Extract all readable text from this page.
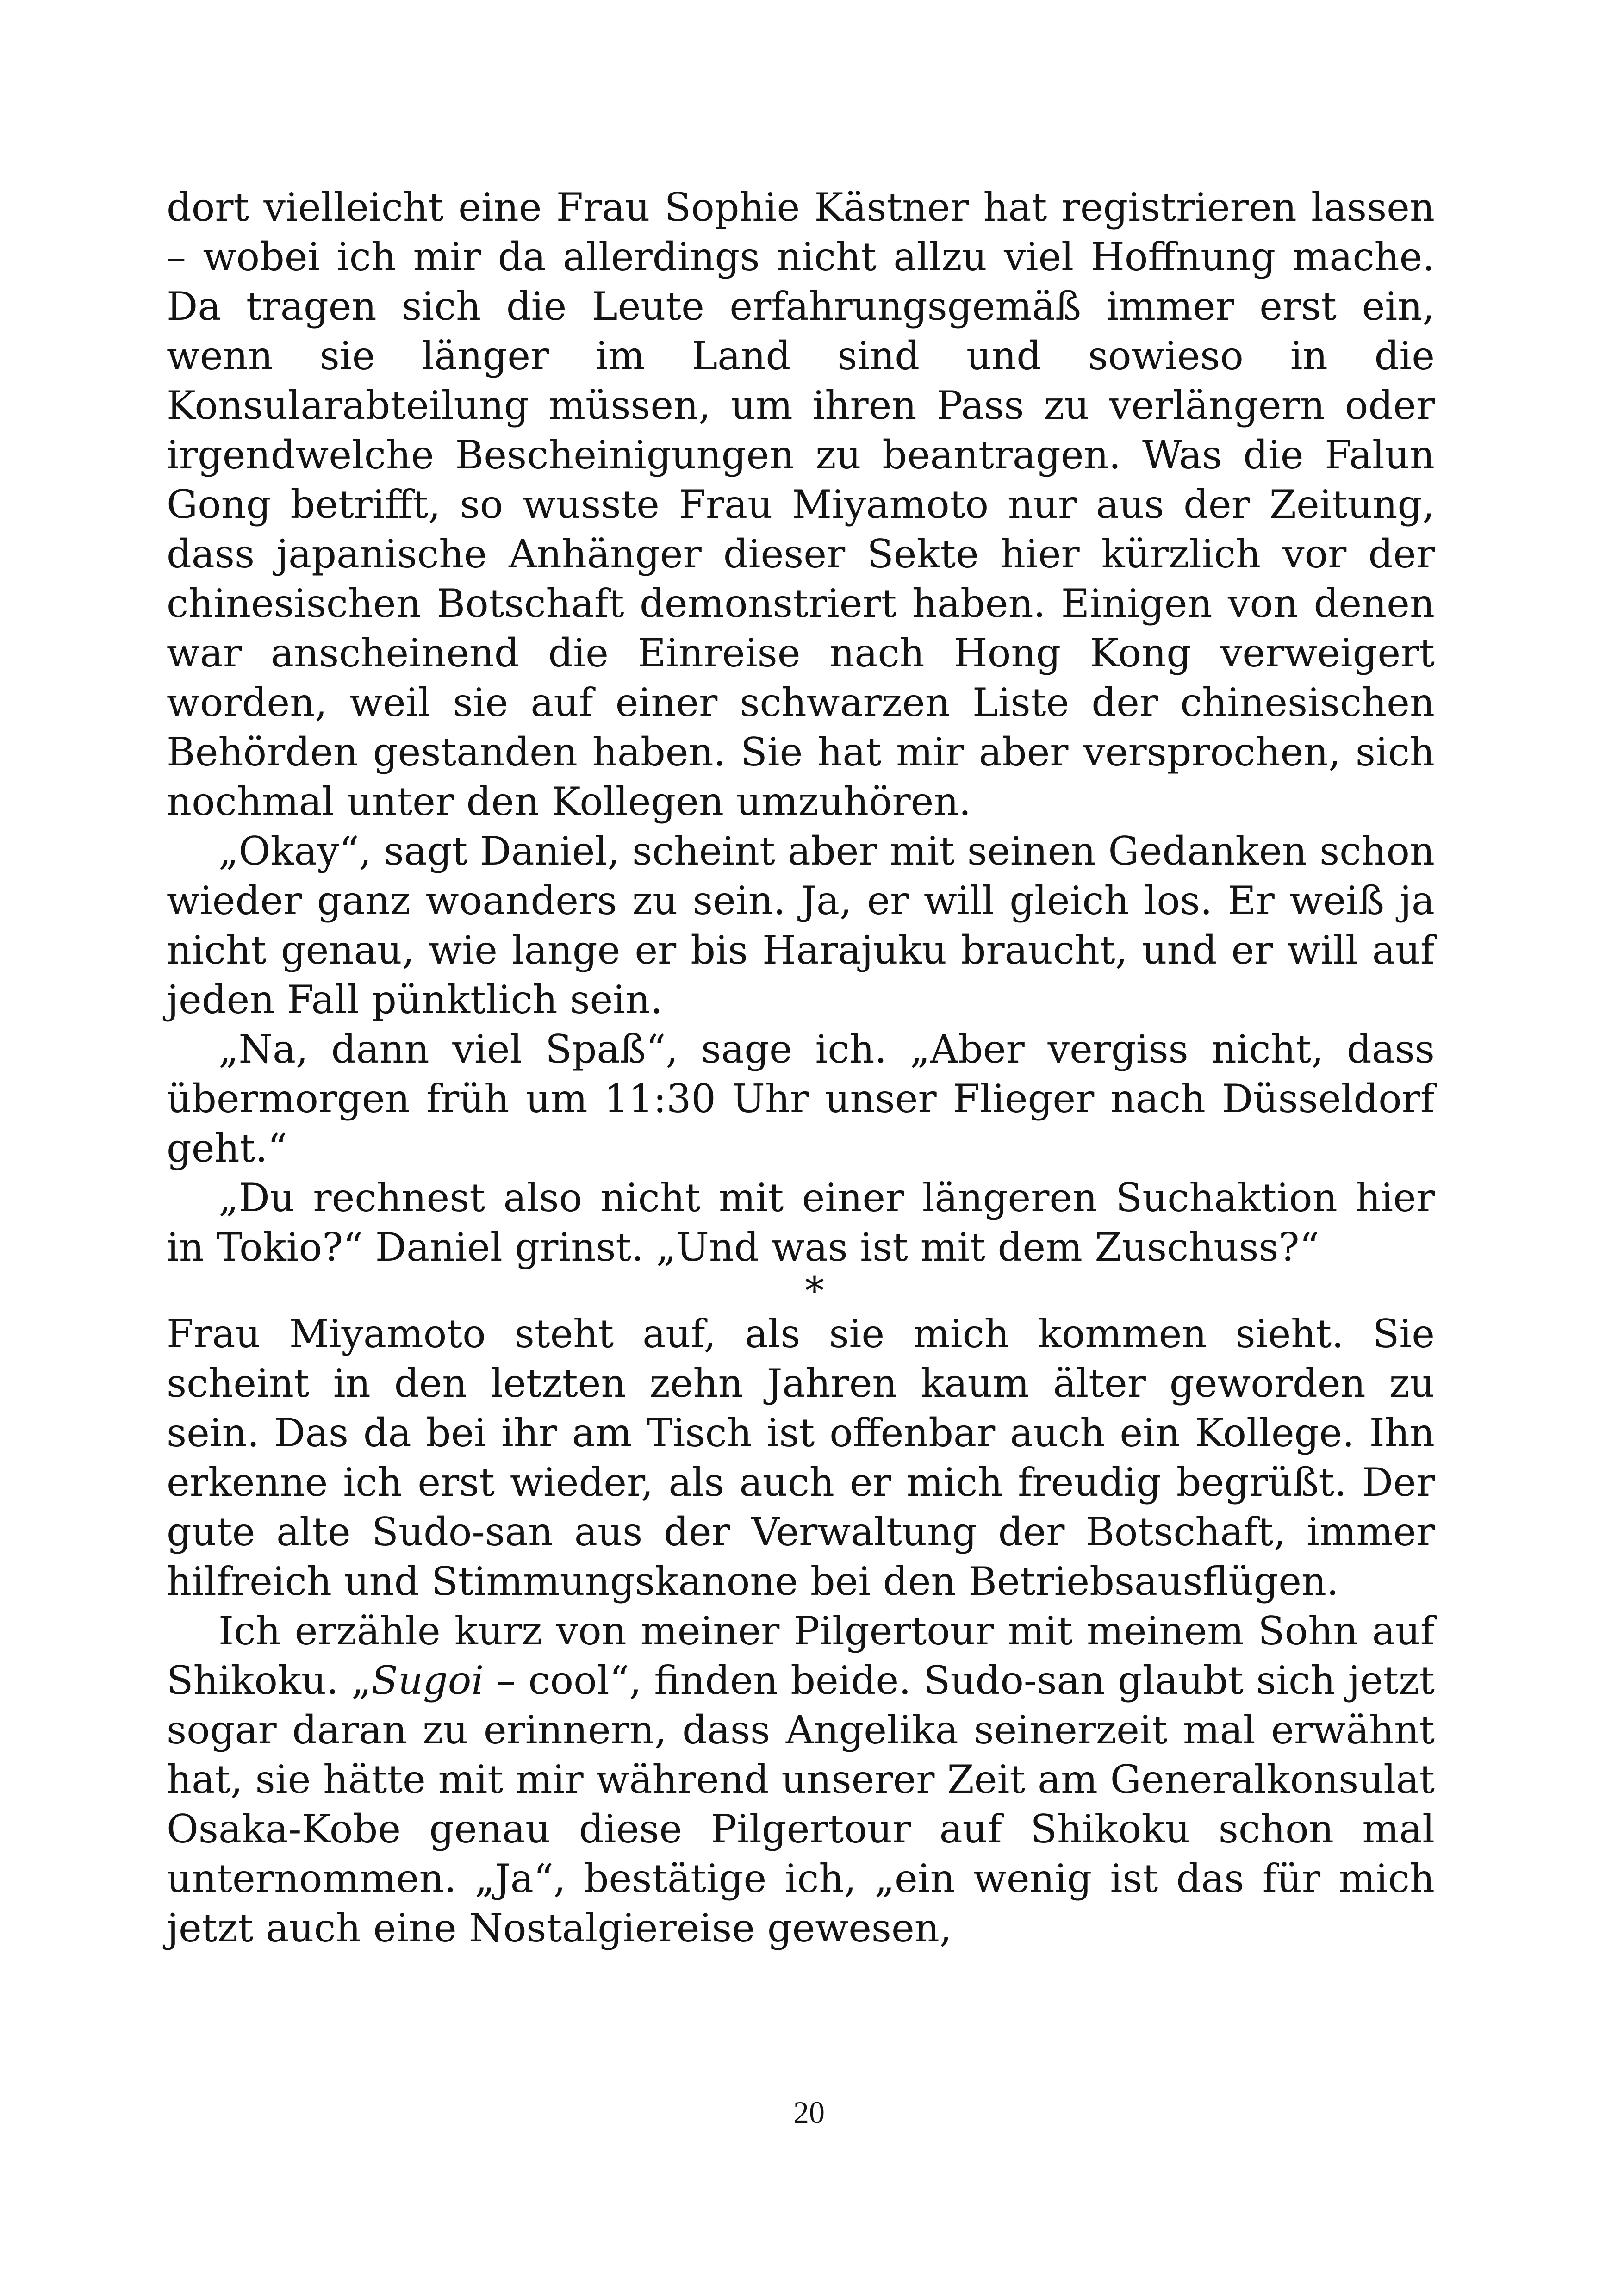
dort vielleicht eine Frau Sophie Kästner hat registrieren lassen – wobei ich mir da allerdings nicht allzu viel Hoffnung mache. Da tragen sich die Leute erfahrungsgemäß immer erst ein, wenn sie länger im Land sind und sowieso in die Konsularabteilung müssen, um ihren Pass zu verlängern oder irgendwelche Bescheinigungen zu beantragen. Was die Falun Gong betrifft, so wusste Frau Miyamoto nur aus der Zeitung, dass japanische Anhänger dieser Sekte hier kürzlich vor der chinesischen Botschaft demonstriert haben. Einigen von denen war anscheinend die Einreise nach Hong Kong verweigert worden, weil sie auf einer schwarzen Liste der chinesischen Behörden gestanden haben. Sie hat mir aber versprochen, sich nochmal unter den Kollegen umzuhören.

„Okay“, sagt Daniel, scheint aber mit seinen Gedanken schon wieder ganz woanders zu sein. Ja, er will gleich los. Er weiß ja nicht genau, wie lange er bis Harajuku braucht, und er will auf jeden Fall pünktlich sein.

„Na, dann viel Spaß“, sage ich. „Aber vergiss nicht, dass übermorgen früh um 11:30 Uhr unser Flieger nach Düsseldorf geht.“

„Du rechnest also nicht mit einer längeren Suchaktion hier in Tokio?“ Daniel grinst. „Und was ist mit dem Zuschuss?“

*

Frau Miyamoto steht auf, als sie mich kommen sieht. Sie scheint in den letzten zehn Jahren kaum älter geworden zu sein. Das da bei ihr am Tisch ist offenbar auch ein Kollege. Ihn erkenne ich erst wieder, als auch er mich freudig begrüßt. Der gute alte Sudo-san aus der Verwaltung der Botschaft, immer hilfreich und Stimmungskanone bei den Betriebsausflügen.

Ich erzähle kurz von meiner Pilgertour mit meinem Sohn auf Shikoku. „Sugoi – cool“, finden beide. Sudo-san glaubt sich jetzt sogar daran zu erinnern, dass Angelika seinerzeit mal erwähnt hat, sie hätte mit mir während unserer Zeit am Generalkonsulat Osaka-Kobe genau diese Pilgertour auf Shikoku schon mal unternommen. „Ja“, bestätige ich, „ein wenig ist das für mich jetzt auch eine Nostalgiereise gewesen,

20
